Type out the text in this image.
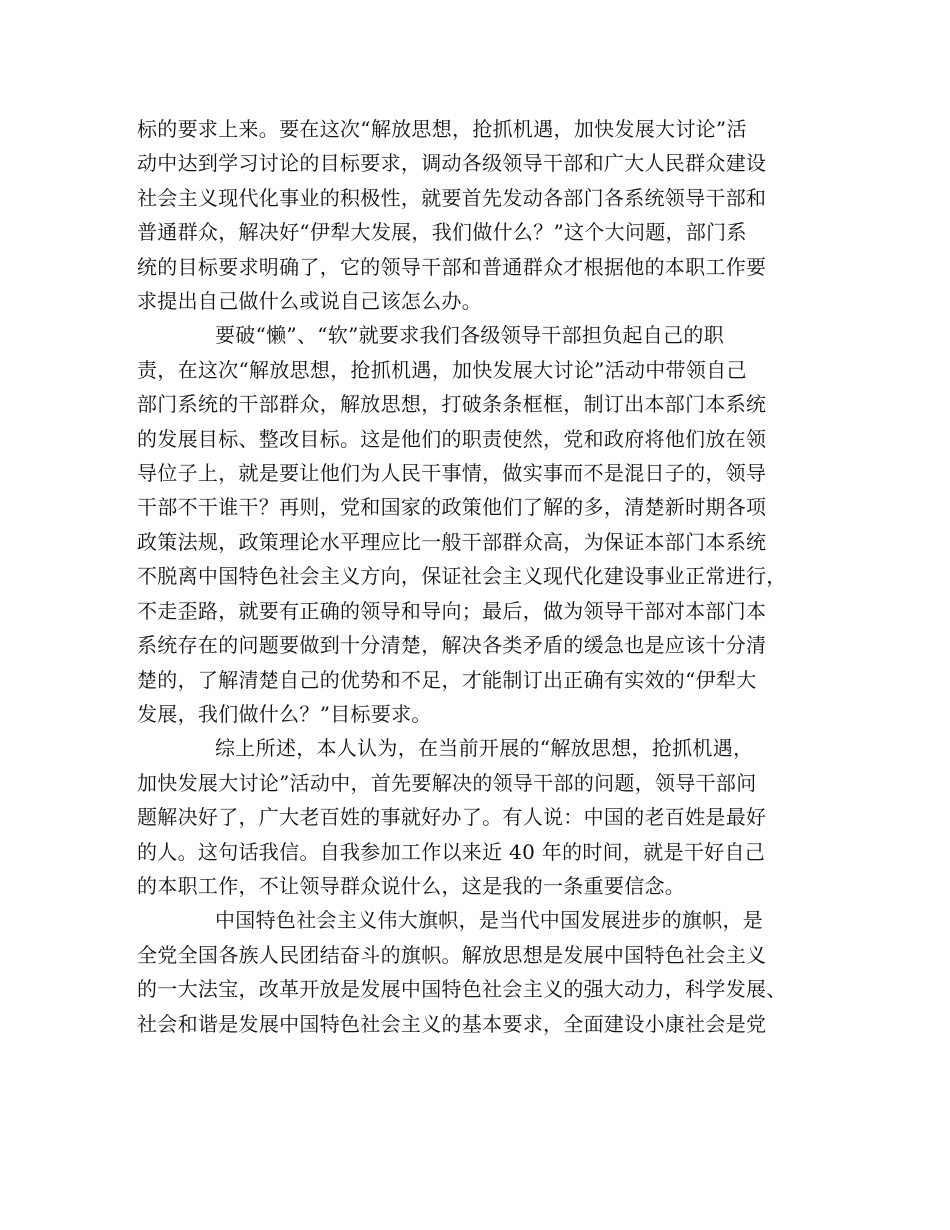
标的要求上来。要在这次“解放思想，抢抓机遇，加快发展大讨论”活
动中达到学习讨论的目标要求，调动各级领导干部和广大人民群众建设
社会主义现代化事业的积极性，就要首先发动各部门各系统领导干部和
普通群众，解决好“伊犁大发展，我们做什么？”这个大问题，部门系
统的目标要求明确了，它的领导干部和普通群众才根据他的本职工作要
求提出自己做什么或说自己该怎么办。

要破“懒”、“软”就要求我们各级领导干部担负起自己的职
责，在这次“解放思想，抢抓机遇，加快发展大讨论”活动中带领自己
部门系统的干部群众，解放思想，打破条条框框，制订出本部门本系统
的发展目标、整改目标。这是他们的职责使然，党和政府将他们放在领
导位子上，就是要让他们为人民干事情，做实事而不是混日子的，领导
干部不干谁干？再则，党和国家的政策他们了解的多，清楚新时期各项
政策法规，政策理论水平理应比一般干部群众高，为保证本部门本系统
不脱离中国特色社会主义方向，保证社会主义现代化建设事业正常进行，
不走歪路，就要有正确的领导和导向；最后，做为领导干部对本部门本
系统存在的问题要做到十分清楚，解决各类矛盾的缓急也是应该十分清
楚的，了解清楚自己的优势和不足，才能制订出正确有实效的“伊犁大
发展，我们做什么？”目标要求。

综上所述，本人认为，在当前开展的“解放思想，抢抓机遇，
加快发展大讨论”活动中，首先要解决的领导干部的问题，领导干部问
题解决好了，广大老百姓的事就好办了。有人说：中国的老百姓是最好
的人。这句话我信。自我参加工作以来近 40 年的时间，就是干好自己
的本职工作，不让领导群众说什么，这是我的一条重要信念。

中国特色社会主义伟大旗帜，是当代中国发展进步的旗帜，是
全党全国各族人民团结奋斗的旗帜。解放思想是发展中国特色社会主义
的一大法宝，改革开放是发展中国特色社会主义的强大动力，科学发展、
社会和谐是发展中国特色社会主义的基本要求，全面建设小康社会是党
